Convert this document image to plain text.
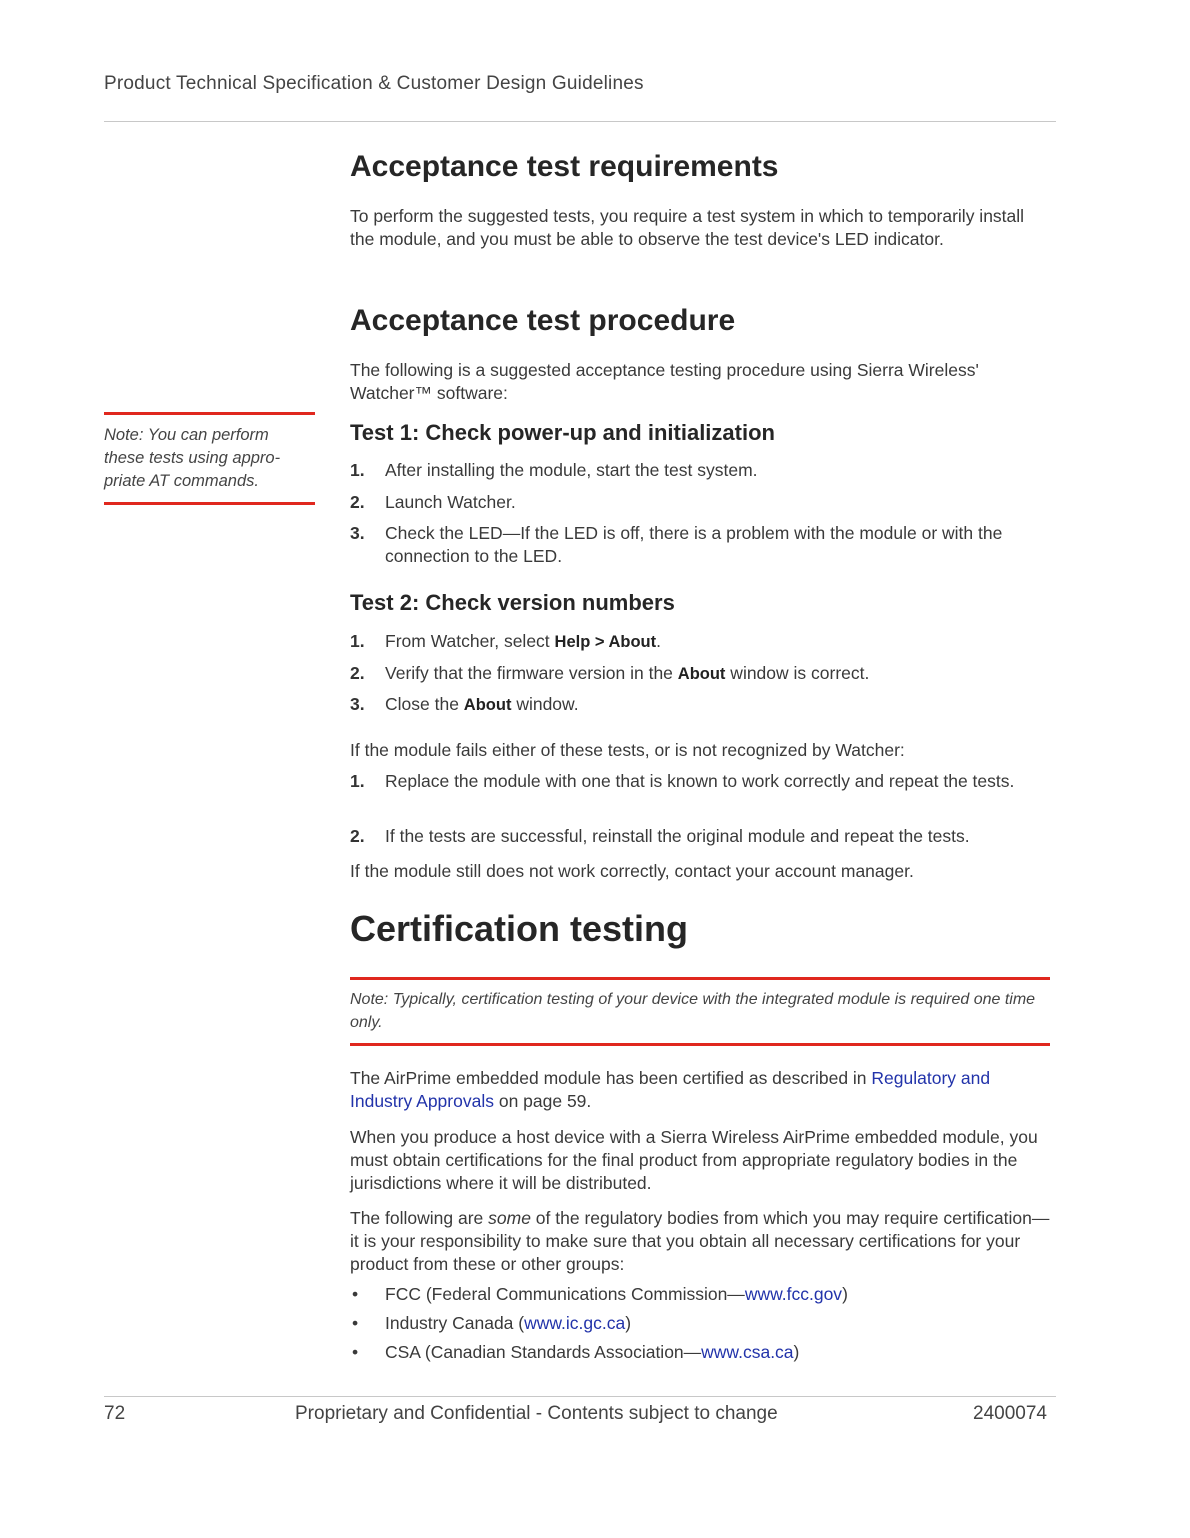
Product Technical Specification & Customer Design Guidelines
Note: You can perform these tests using appro-priate AT commands.
Acceptance test requirements
To perform the suggested tests, you require a test system in which to temporarily install the module, and you must be able to observe the test device's LED indicator.
Acceptance test procedure
The following is a suggested acceptance testing procedure using Sierra Wireless' Watcher™ software:
Test 1: Check power-up and initialization
1. After installing the module, start the test system.
2. Launch Watcher.
3. Check the LED—If the LED is off, there is a problem with the module or with the connection to the LED.
Test 2: Check version numbers
1. From Watcher, select Help > About.
2. Verify that the firmware version in the About window is correct.
3. Close the About window.
If the module fails either of these tests, or is not recognized by Watcher:
1. Replace the module with one that is known to work correctly and repeat the tests.
2. If the tests are successful, reinstall the original module and repeat the tests.
If the module still does not work correctly, contact your account manager.
Certification testing
Note: Typically, certification testing of your device with the integrated module is required one time only.
The AirPrime embedded module has been certified as described in Regulatory and Industry Approvals on page 59.
When you produce a host device with a Sierra Wireless AirPrime embedded module, you must obtain certifications for the final product from appropriate regulatory bodies in the jurisdictions where it will be distributed.
The following are some of the regulatory bodies from which you may require certification—it is your responsibility to make sure that you obtain all necessary certifications for your product from these or other groups:
• FCC (Federal Communications Commission—www.fcc.gov)
• Industry Canada (www.ic.gc.ca)
• CSA (Canadian Standards Association—www.csa.ca)
72	Proprietary and Confidential - Contents subject to change	2400074
